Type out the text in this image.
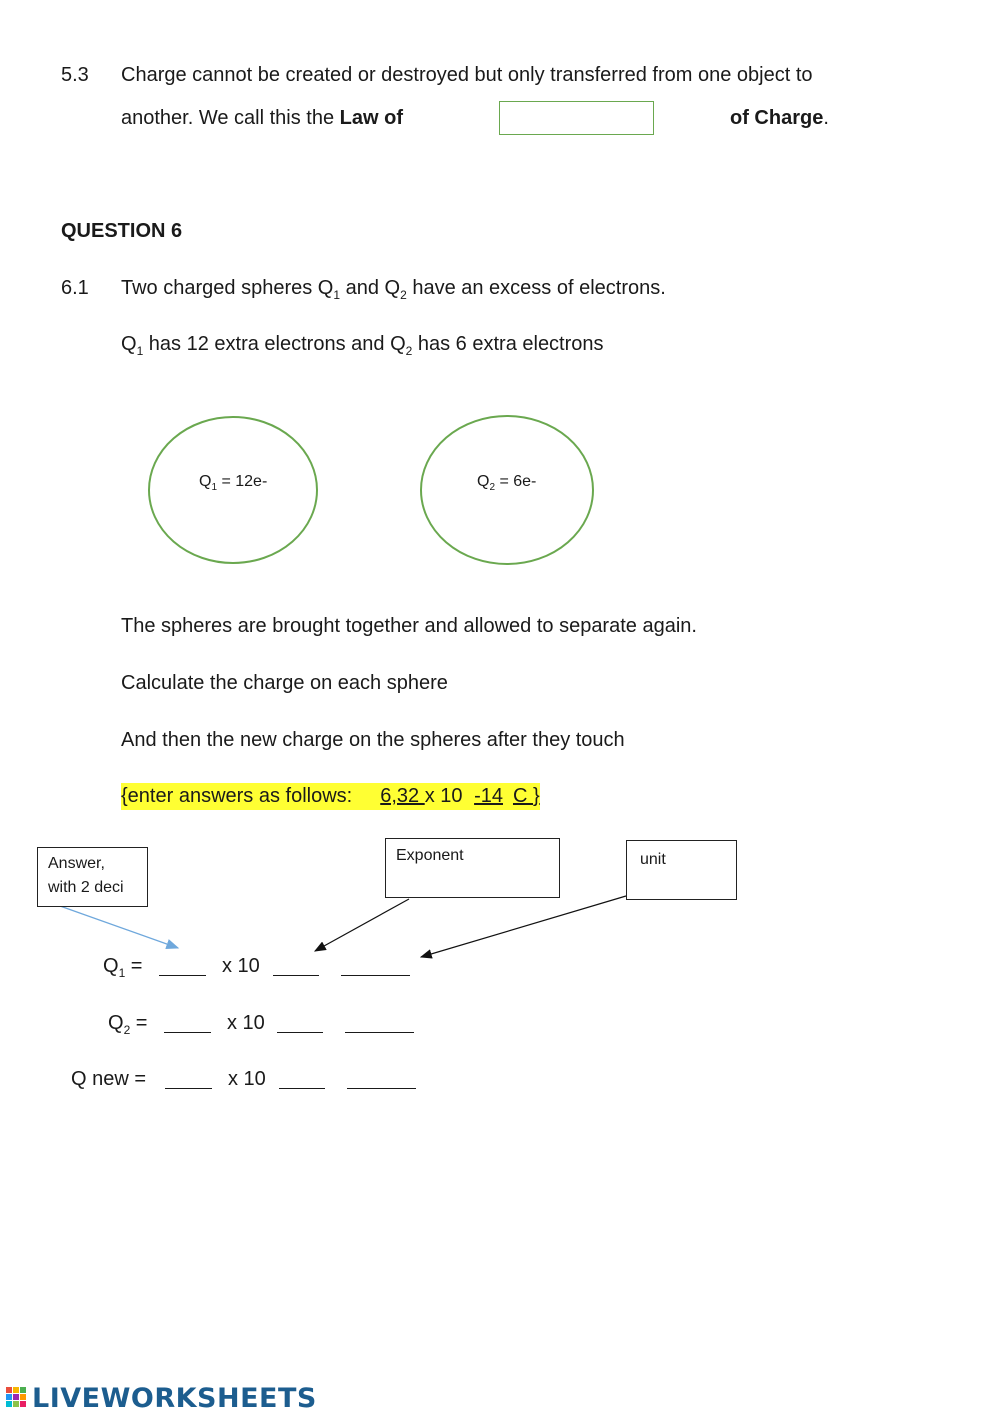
5.3 Charge cannot be created or destroyed but only transferred from one object to
another. We call this the Law of	of Charge.
QUESTION 6
6.1 Two charged spheres $Q_1$ and $Q_2$ have an excess of electrons.
$Q_1$ has 12 extra electrons and $Q_2$ has 6 extra electrons
$Q_1 = 12e-$	$Q_2 = 6e-$
The spheres are brought together and allowed to separate again.
Calculate the charge on each sphere
And then the new charge on the spheres after they touch
{enter answers as follows: 6,32 x 10 -14 C }
Answer,
with 2 deci
Exponent	unit
$Q_1$ =	x 10
$Q_2$ =	x 10
Q new =	x 10
LIVEWORKSHEETS
